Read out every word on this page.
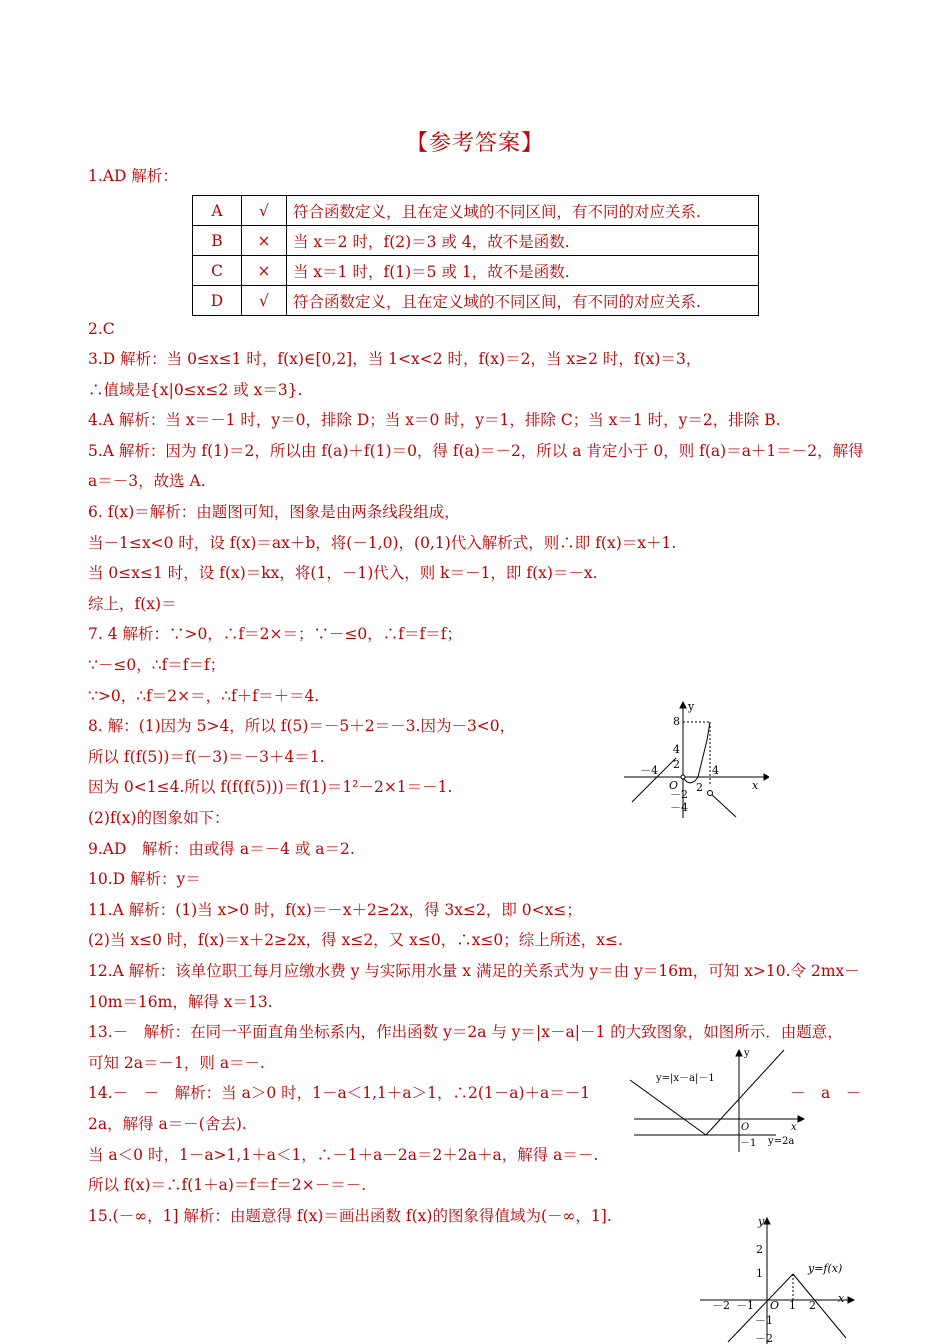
【参考答案】
1.AD 解析：
A	√	符合函数定义，且在定义域的不同区间，有不同的对应关系.
B	×	当 x＝2 时，f(2)＝3 或 4，故不是函数.
C	×	当 x＝1 时，f(1)＝5 或 1，故不是函数.
D	√	符合函数定义，且在定义域的不同区间，有不同的对应关系.
2.C
3.D 解析：当 0≤x≤1 时，f(x)∈[0,2]，当 1<x<2 时，f(x)＝2，当 x≥2 时，f(x)＝3，
∴值域是{x|0≤x≤2 或 x＝3}.
4.A 解析：当 x＝－1 时，y＝0，排除 D；当 x＝0 时，y＝1，排除 C；当 x＝1 时，y＝2，排除 B.
5.A 解析：因为 f(1)＝2，所以由 f(a)＋f(1)＝0，得 f(a)＝－2，所以 a 肯定小于 0，则 f(a)＝a＋1＝－2，解得
a＝－3，故选 A.
6. f(x)＝解析：由题图可知，图象是由两条线段组成，
当－1≤x<0 时，设 f(x)＝ax＋b，将(－1,0)，(0,1)代入解析式，则∴即 f(x)＝x＋1.
当 0≤x≤1 时，设 f(x)＝kx，将(1，－1)代入，则 k＝－1，即 f(x)＝－x.
综上，f(x)＝
7. 4 解析：∵>0，∴f＝2×＝；∵－≤0，∴f＝f＝f；
∵－≤0，∴f＝f＝f；
∵>0，∴f＝2×＝，∴f＋f＝＋＝4.
8. 解：(1)因为 5>4，所以 f(5)＝－5＋2＝－3.因为－3<0，
所以 f(f(5))＝f(－3)＝－3＋4＝1.
因为 0<1≤4.所以 f(f(f(5)))＝f(1)＝1²－2×1＝－1.
(2)f(x)的图象如下：
9.AD　解析：由或得 a＝－4 或 a＝2.
10.D 解析：y＝
11.A 解析：(1)当 x>0 时，f(x)＝－x＋2≥2x，得 3x≤2，即 0<x≤；
(2)当 x≤0 时，f(x)＝x＋2≥2x，得 x≤2，又 x≤0，∴x≤0；综上所述，x≤.
12.A 解析：该单位职工每月应缴水费 y 与实际用水量 x 满足的关系式为 y＝由 y＝16m，可知 x>10.令 2mx－
10m＝16m，解得 x＝13.
13.－　解析：在同一平面直角坐标系内，作出函数 y＝2a 与 y＝|x－a|－1 的大致图象，如图所示．由题意，
可知 2a＝－1，则 a＝－.
14.－　－　解析：当 a＞0 时，1－a＜1,1＋a＞1，∴2(1－a)＋a＝－1	－　a　－
2a，解得 a＝－(舍去).
当 a＜0 时，1－a>1,1＋a＜1，∴－1＋a－2a＝2＋2a＋a，解得 a＝－.
所以 f(x)＝∴f(1＋a)＝f＝f＝2×－＝－.
15.(－∞，1] 解析：由题意得 f(x)＝画出函数 f(x)的图象得值域为(－∞，1].
y
x
8
4
2
－4
O
－2
2
4
－4
y
y=|x－a|－1
O	x
－1 y=2a
y
x
2
1
－2 －1 O 1 2
－1
－2
y=f(x)
